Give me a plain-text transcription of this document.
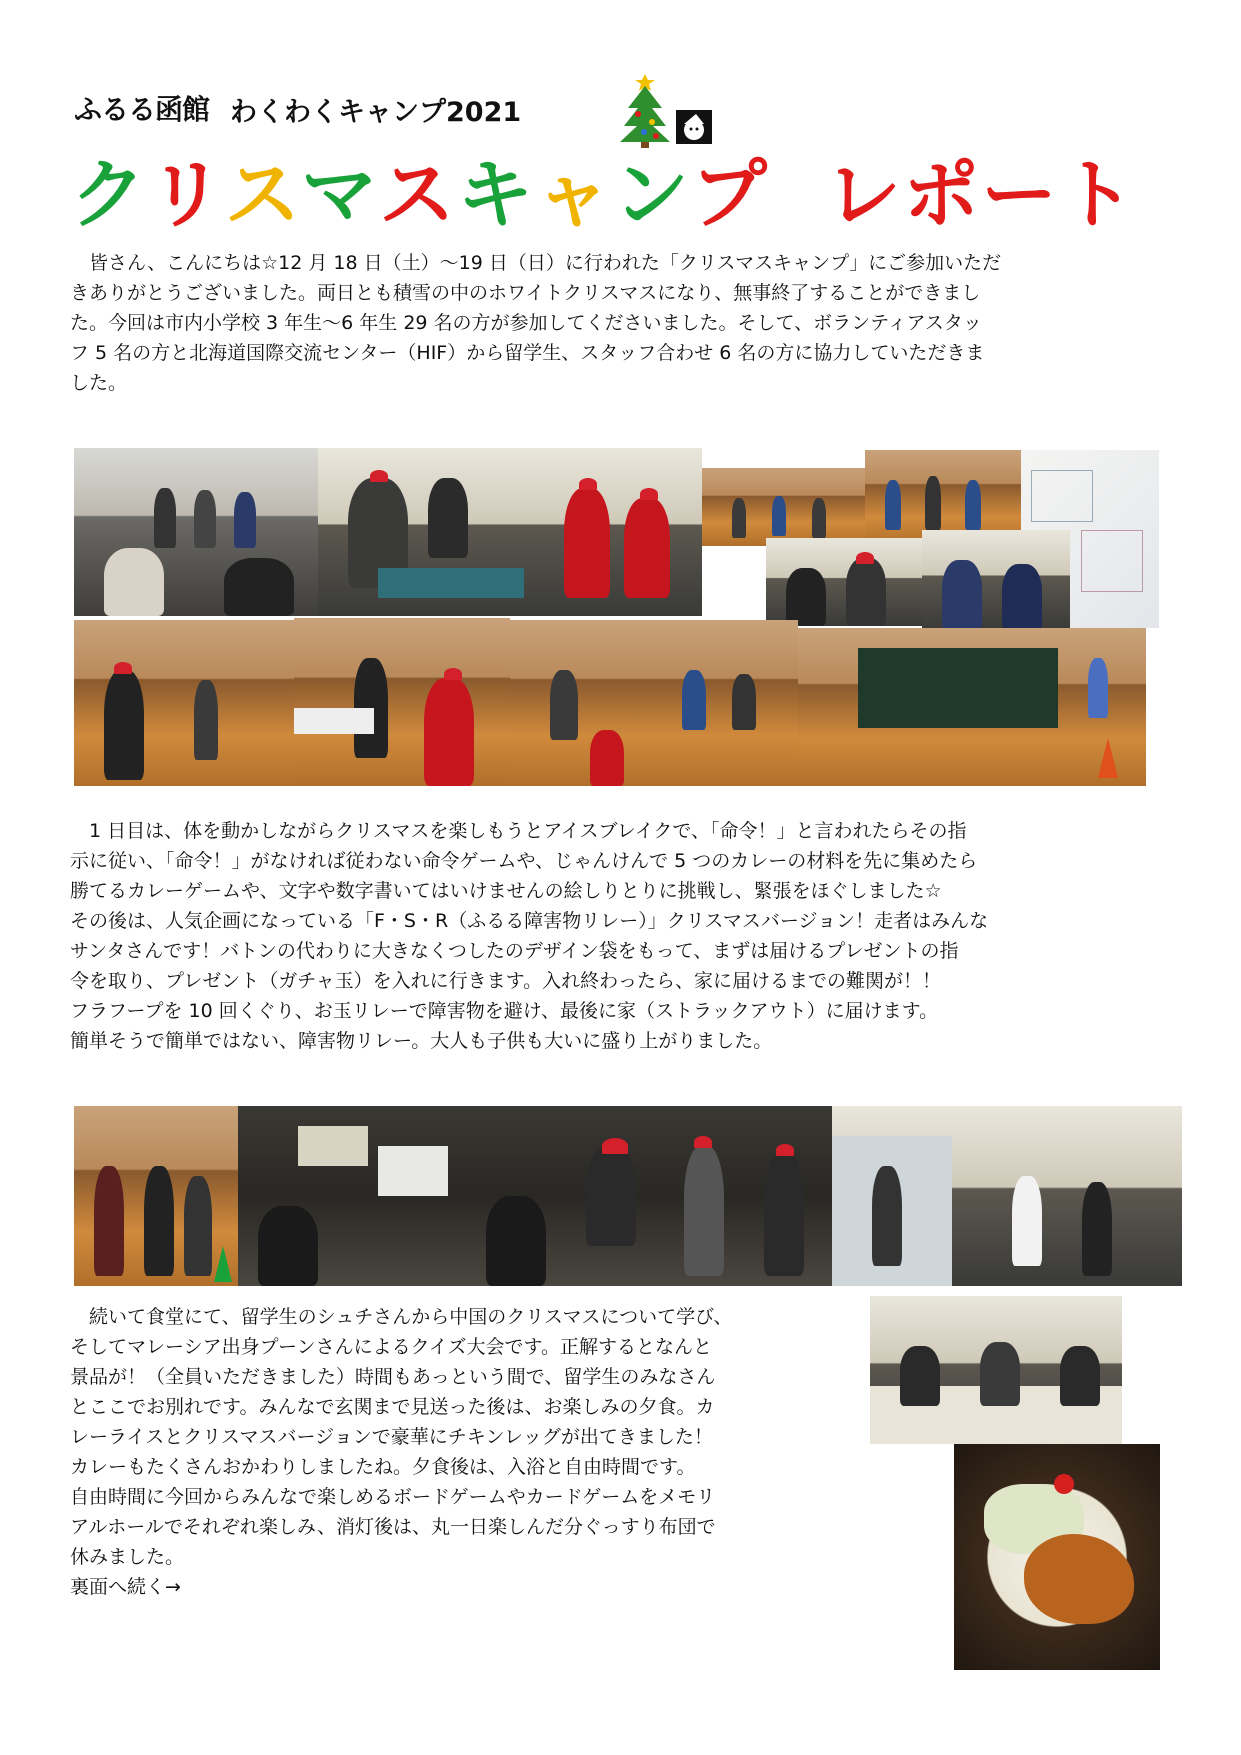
ふるる函館 わくわくキャンプ2021
クリスマスキャンプ レポート

　皆さん、こんにちは☆12 月 18 日（土）～19 日（日）に行われた「クリスマスキャンプ」にご参加いただ

きありがとうございました。両日とも積雪の中のホワイトクリスマスになり、無事終了することができまし

た。今回は市内小学校 3 年生～6 年生 29 名の方が参加してくださいました。そして、ボランティアスタッ

フ 5 名の方と北海道国際交流センター（HIF）から留学生、スタッフ合わせ 6 名の方に協力していただきま

した。

　1 日目は、体を動かしながらクリスマスを楽しもうとアイスブレイクで、「命令！」と言われたらその指

示に従い、「命令！」がなければ従わない命令ゲームや、じゃんけんで 5 つのカレーの材料を先に集めたら

勝てるカレーゲームや、文字や数字書いてはいけませんの絵しりとりに挑戦し、緊張をほぐしました☆

その後は、人気企画になっている「F・S・R（ふるる障害物リレー）」クリスマスバージョン！走者はみんな

サンタさんです！バトンの代わりに大きなくつしたのデザイン袋をもって、まずは届けるプレゼントの指

令を取り、プレゼント（ガチャ玉）を入れに行きます。入れ終わったら、家に届けるまでの難関が！！

フラフープを 10 回くぐり、お玉リレーで障害物を避け、最後に家（ストラックアウト）に届けます。

簡単そうで簡単ではない、障害物リレー。大人も子供も大いに盛り上がりました。

　続いて食堂にて、留学生のシュチさんから中国のクリスマスについて学び、

そしてマレーシア出身プーンさんによるクイズ大会です。正解するとなんと

景品が！（全員いただきました）時間もあっという間で、留学生のみなさん

とここでお別れです。みんなで玄関まで見送った後は、お楽しみの夕食。カ

レーライスとクリスマスバージョンで豪華にチキンレッグが出てきました！

カレーもたくさんおかわりしましたね。夕食後は、入浴と自由時間です。

自由時間に今回からみんなで楽しめるボードゲームやカードゲームをメモリ

アルホールでそれぞれ楽しみ、消灯後は、丸一日楽しんだ分ぐっすり布団で

休みました。

裏面へ続く→
